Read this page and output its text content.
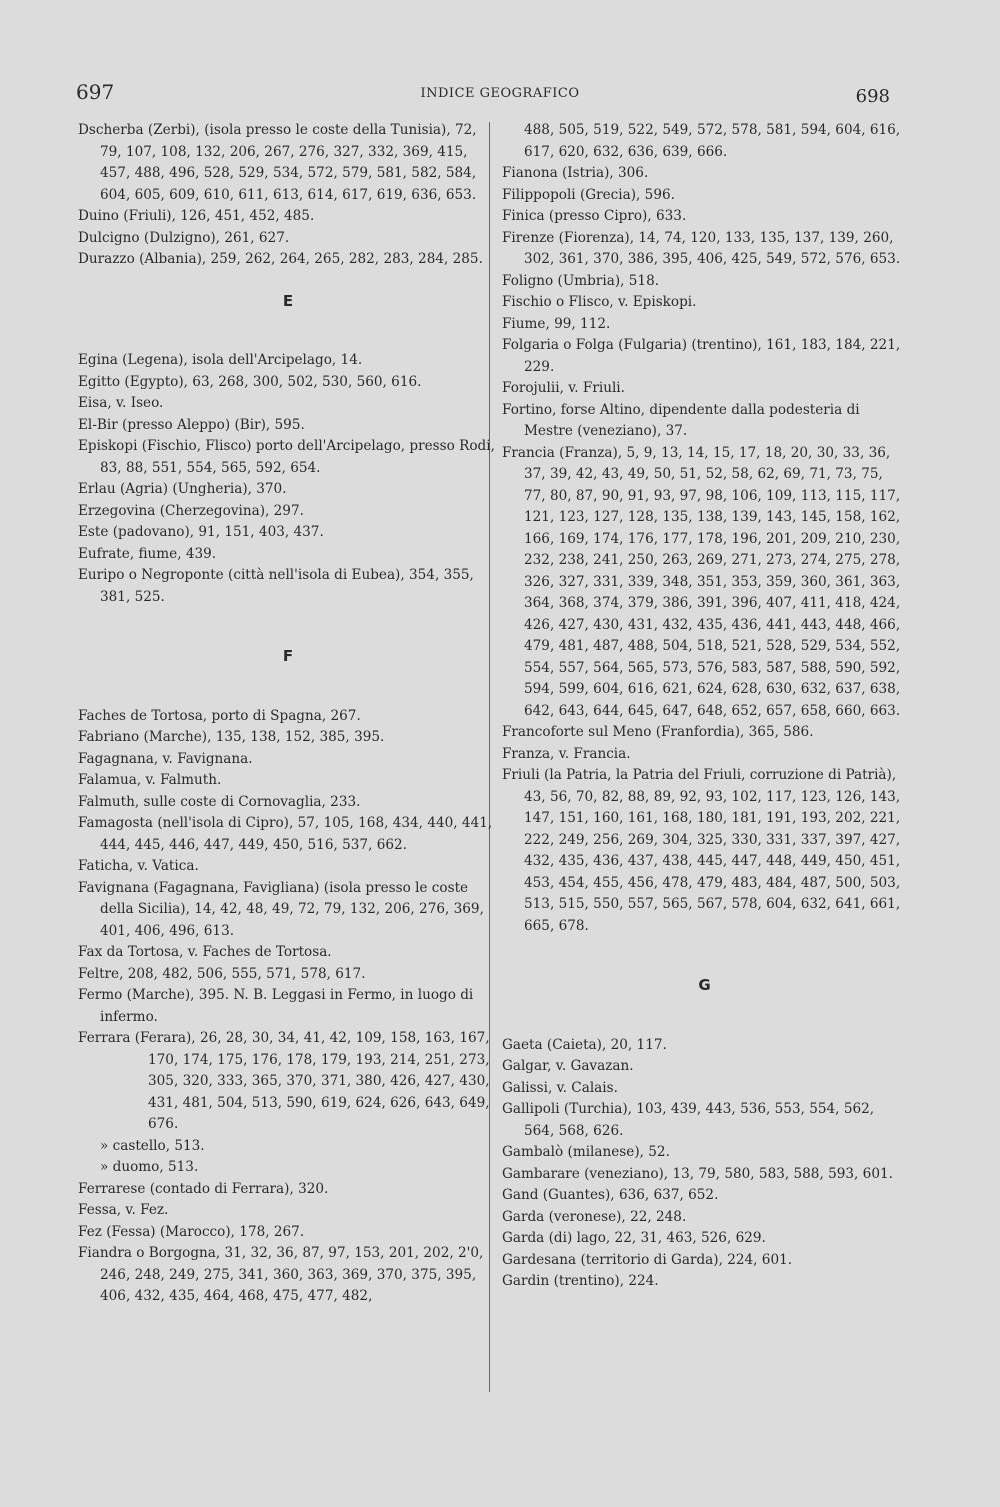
697	INDICE GEOGRAFICO	698

Dscherba (Zerbi), (isola presso le coste della Tunisia), 72, 79, 107, 108, 132, 206, 267, 276, 327, 332, 369, 415, 457, 488, 496, 528, 529, 534, 572, 579, 581, 582, 584, 604, 605, 609, 610, 611, 613, 614, 617, 619, 636, 653.

Duino (Friuli), 126, 451, 452, 485.

Dulcigno (Dulzigno), 261, 627.

Durazzo (Albania), 259, 262, 264, 265, 282, 283, 284, 285.

E

Egina (Legena), isola dell'Arcipelago, 14.

Egitto (Egypto), 63, 268, 300, 502, 530, 560, 616.

Eisa, v. Iseo.

El-Bir (presso Aleppo) (Bir), 595.

Episkopi (Fischio, Flisco) porto dell'Arcipelago, presso Rodi, 83, 88, 551, 554, 565, 592, 654.

Erlau (Agria) (Ungheria), 370.

Erzegovina (Cherzegovina), 297.

Este (padovano), 91, 151, 403, 437.

Eufrate, fiume, 439.

Euripo o Negroponte (città nell'isola di Eubea), 354, 355, 381, 525.

F

Faches de Tortosa, porto di Spagna, 267.

Fabriano (Marche), 135, 138, 152, 385, 395.

Fagagnana, v. Favignana.

Falamua, v. Falmuth.

Falmuth, sulle coste di Cornovaglia, 233.

Famagosta (nell'isola di Cipro), 57, 105, 168, 434, 440, 441, 444, 445, 446, 447, 449, 450, 516, 537, 662.

Faticha, v. Vatica.

Favignana (Fagagnana, Favigliana) (isola presso le coste della Sicilia), 14, 42, 48, 49, 72, 79, 132, 206, 276, 369, 401, 406, 496, 613.

Fax da Tortosa, v. Faches de Tortosa.

Feltre, 208, 482, 506, 555, 571, 578, 617.

Fermo (Marche), 395. N. B. Leggasi in Fermo, in luogo di infermo.

Ferrara (Ferara), 26, 28, 30, 34, 41, 42, 109, 158, 163, 167, 170, 174, 175, 176, 178, 179, 193, 214, 251, 273, 305, 320, 333, 365, 370, 371, 380, 426, 427, 430, 431, 481, 504, 513, 590, 619, 624, 626, 643, 649, 676.

» castello, 513.

» duomo, 513.

Ferrarese (contado di Ferrara), 320.

Fessa, v. Fez.

Fez (Fessa) (Marocco), 178, 267.

Fiandra o Borgogna, 31, 32, 36, 87, 97, 153, 201, 202, 2'0, 246, 248, 249, 275, 341, 360, 363, 369, 370, 375, 395, 406, 432, 435, 464, 468, 475, 477, 482,

488, 505, 519, 522, 549, 572, 578, 581, 594, 604, 616, 617, 620, 632, 636, 639, 666.

Fianona (Istria), 306.

Filippopoli (Grecia), 596.

Finica (presso Cipro), 633.

Firenze (Fiorenza), 14, 74, 120, 133, 135, 137, 139, 260, 302, 361, 370, 386, 395, 406, 425, 549, 572, 576, 653.

Foligno (Umbria), 518.

Fischio o Flisco, v. Episkopi.

Fiume, 99, 112.

Folgaria o Folga (Fulgaria) (trentino), 161, 183, 184, 221, 229.

Forojulii, v. Friuli.

Fortino, forse Altino, dipendente dalla podesteria di Mestre (veneziano), 37.

Francia (Franza), 5, 9, 13, 14, 15, 17, 18, 20, 30, 33, 36, 37, 39, 42, 43, 49, 50, 51, 52, 58, 62, 69, 71, 73, 75, 77, 80, 87, 90, 91, 93, 97, 98, 106, 109, 113, 115, 117, 121, 123, 127, 128, 135, 138, 139, 143, 145, 158, 162, 166, 169, 174, 176, 177, 178, 196, 201, 209, 210, 230, 232, 238, 241, 250, 263, 269, 271, 273, 274, 275, 278, 326, 327, 331, 339, 348, 351, 353, 359, 360, 361, 363, 364, 368, 374, 379, 386, 391, 396, 407, 411, 418, 424, 426, 427, 430, 431, 432, 435, 436, 441, 443, 448, 466, 479, 481, 487, 488, 504, 518, 521, 528, 529, 534, 552, 554, 557, 564, 565, 573, 576, 583, 587, 588, 590, 592, 594, 599, 604, 616, 621, 624, 628, 630, 632, 637, 638, 642, 643, 644, 645, 647, 648, 652, 657, 658, 660, 663.

Francoforte sul Meno (Franfordia), 365, 586.

Franza, v. Francia.

Friuli (la Patria, la Patria del Friuli, corruzione di Patrià), 43, 56, 70, 82, 88, 89, 92, 93, 102, 117, 123, 126, 143, 147, 151, 160, 161, 168, 180, 181, 191, 193, 202, 221, 222, 249, 256, 269, 304, 325, 330, 331, 337, 397, 427, 432, 435, 436, 437, 438, 445, 447, 448, 449, 450, 451, 453, 454, 455, 456, 478, 479, 483, 484, 487, 500, 503, 513, 515, 550, 557, 565, 567, 578, 604, 632, 641, 661, 665, 678.

G

Gaeta (Caieta), 20, 117.

Galgar, v. Gavazan.

Galissi, v. Calais.

Gallipoli (Turchia), 103, 439, 443, 536, 553, 554, 562, 564, 568, 626.

Gambalò (milanese), 52.

Gambarare (veneziano), 13, 79, 580, 583, 588, 593, 601.

Gand (Guantes), 636, 637, 652.

Garda (veronese), 22, 248.

Garda (di) lago, 22, 31, 463, 526, 629.

Gardesana (territorio di Garda), 224, 601.

Gardin (trentino), 224.
